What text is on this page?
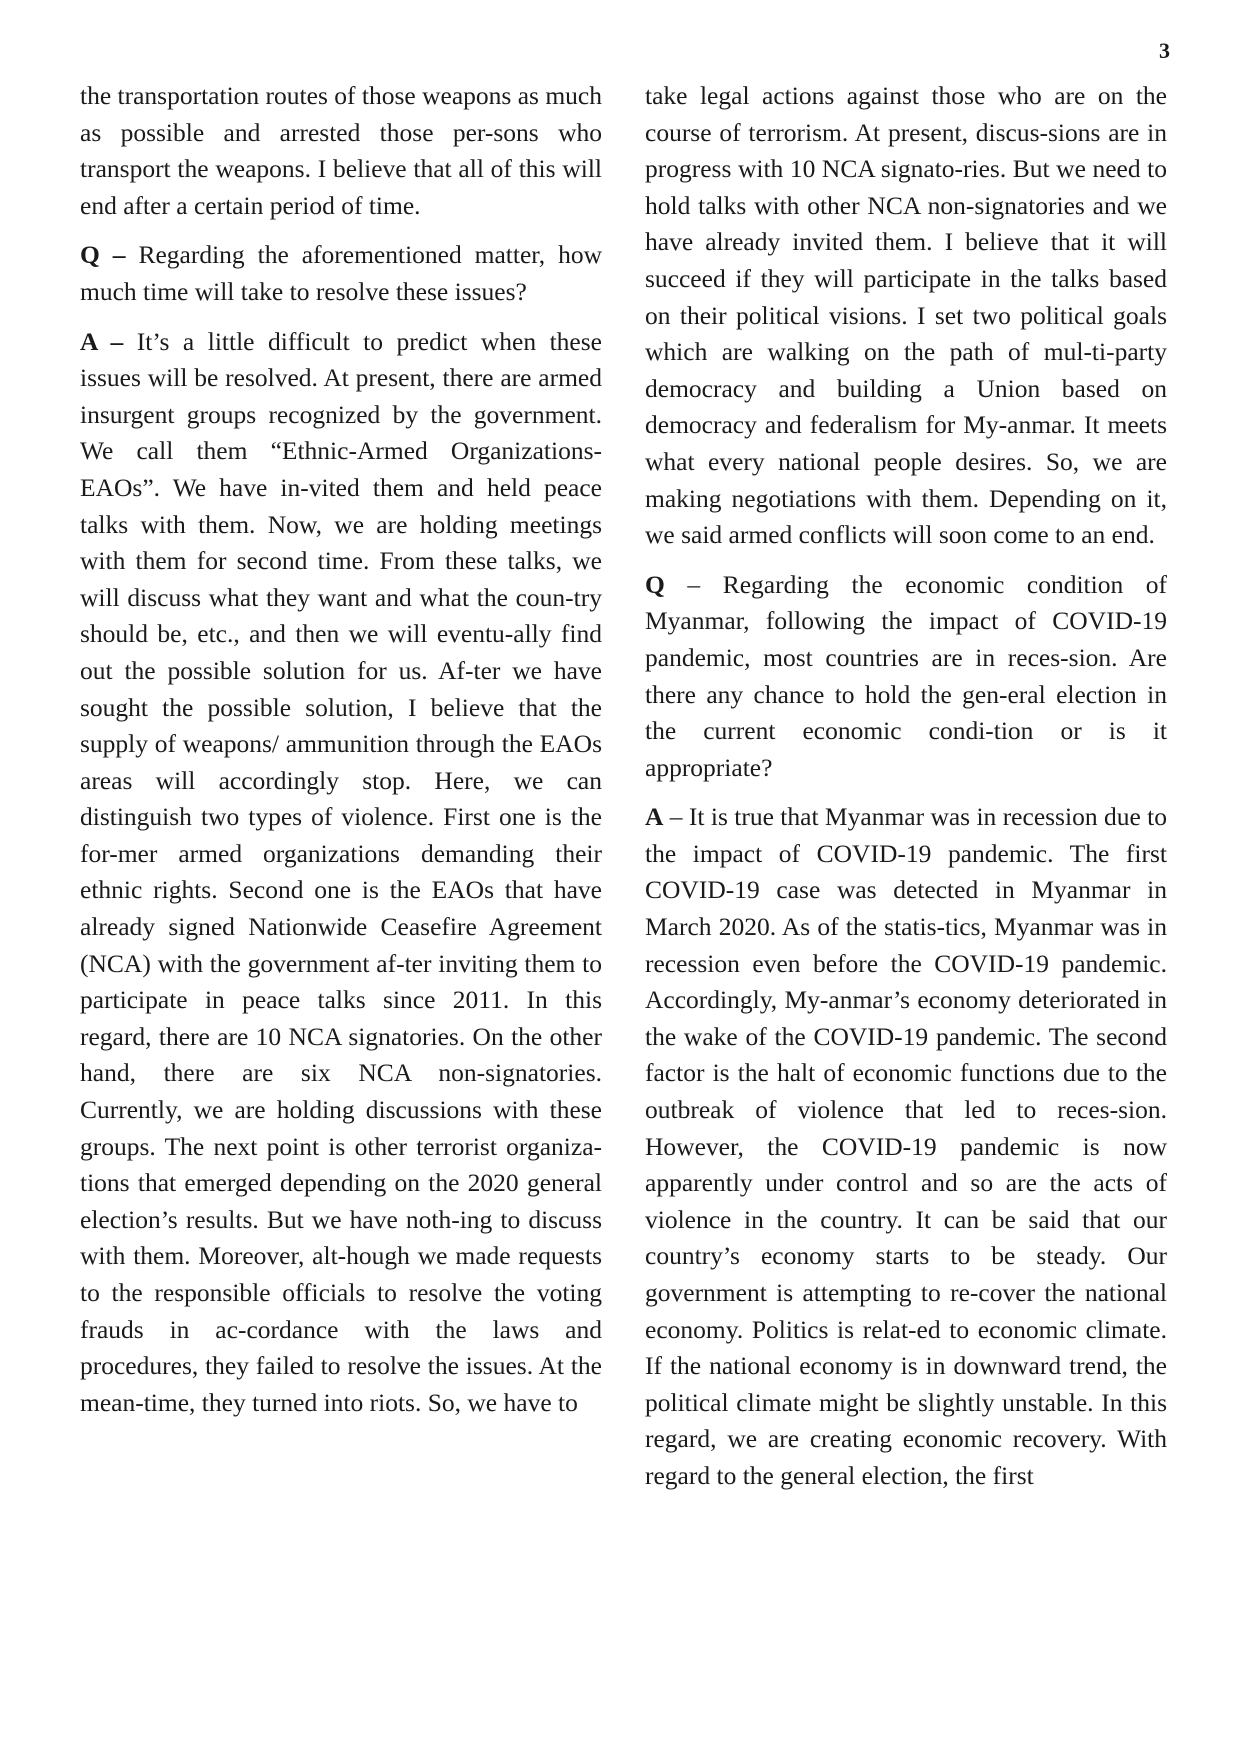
3

the transportation routes of those weapons as much as possible and arrested those per-sons who transport the weapons. I believe that all of this will end after a certain period of time.

Q – Regarding the aforementioned matter, how much time will take to resolve these issues?

A – It’s a little difficult to predict when these issues will be resolved. At present, there are armed insurgent groups recognized by the government. We call them “Ethnic-Armed Organizations-EAOs”. We have in-vited them and held peace talks with them. Now, we are holding meetings with them for second time. From these talks, we will discuss what they want and what the coun-try should be, etc., and then we will eventu-ally find out the possible solution for us. Af-ter we have sought the possible solution, I believe that the supply of weapons/ ammunition through the EAOs areas will accordingly stop. Here, we can distinguish two types of violence. First one is the for-mer armed organizations demanding their ethnic rights. Second one is the EAOs that have already signed Nationwide Ceasefire Agreement (NCA) with the government af-ter inviting them to participate in peace talks since 2011. In this regard, there are 10 NCA signatories. On the other hand, there are six NCA non-signatories. Currently, we are holding discussions with these groups. The next point is other terrorist organiza-tions that emerged depending on the 2020 general election’s results. But we have noth-ing to discuss with them. Moreover, alt-hough we made requests to the responsible officials to resolve the voting frauds in ac-cordance with the laws and procedures, they failed to resolve the issues. At the mean-time, they turned into riots. So, we have to

take legal actions against those who are on the course of terrorism. At present, discus-sions are in progress with 10 NCA signato-ries. But we need to hold talks with other NCA non-signatories and we have already invited them. I believe that it will succeed if they will participate in the talks based on their political visions. I set two political goals which are walking on the path of mul-ti-party democracy and building a Union based on democracy and federalism for My-anmar. It meets what every national people desires. So, we are making negotiations with them. Depending on it, we said armed conflicts will soon come to an end.

Q – Regarding the economic condition of Myanmar, following the impact of COVID-19 pandemic, most countries are in reces-sion. Are there any chance to hold the gen-eral election in the current economic condi-tion or is it appropriate?

A – It is true that Myanmar was in recession due to the impact of COVID-19 pandemic. The first COVID-19 case was detected in Myanmar in March 2020. As of the statis-tics, Myanmar was in recession even before the COVID-19 pandemic. Accordingly, My-anmar’s economy deteriorated in the wake of the COVID-19 pandemic. The second factor is the halt of economic functions due to the outbreak of violence that led to reces-sion. However, the COVID-19 pandemic is now apparently under control and so are the acts of violence in the country. It can be said that our country’s economy starts to be steady. Our government is attempting to re-cover the national economy. Politics is relat-ed to economic climate. If the national economy is in downward trend, the political climate might be slightly unstable. In this regard, we are creating economic recovery. With regard to the general election, the first
